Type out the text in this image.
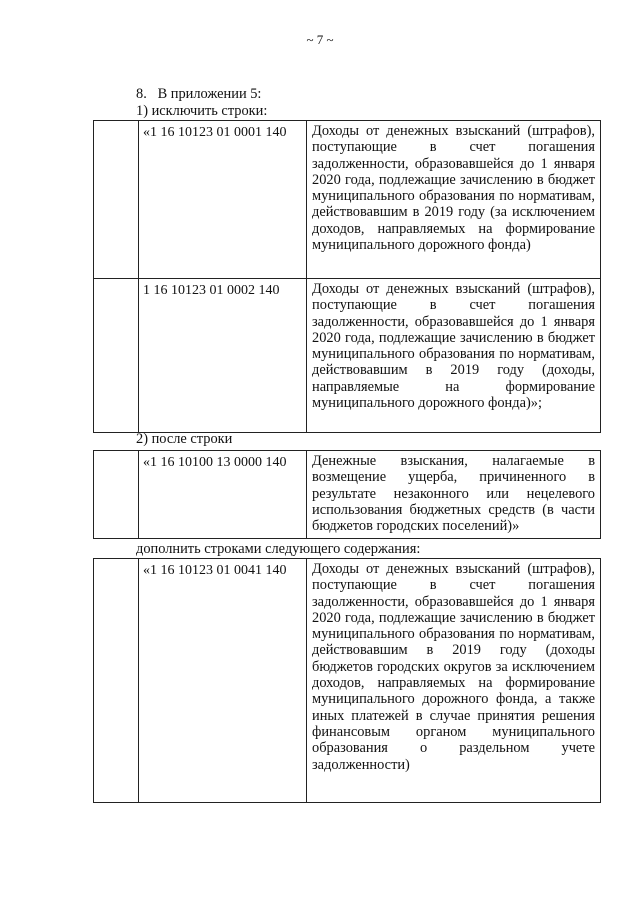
~ 7 ~
8.   В приложении 5:
1) исключить строки:
	«1 16 10123 01 0001 140	Доходы от денежных взысканий (штрафов), поступающие в счет погашения задолженности, образовавшейся до 1 января 2020 года, подлежащие зачислению в бюджет муниципального образования по нормативам, действовавшим в 2019 году (за исключением доходов, направляемых на формирование муниципального дорожного фонда)
	1 16 10123 01 0002 140	Доходы от денежных взысканий (штрафов), поступающие в счет погашения задолженности, образовавшейся до 1 января 2020 года, подлежащие зачислению в бюджет муниципального образования по нормативам, действовавшим в 2019 году (доходы, направляемые на формирование муниципального дорожного фонда)»;
2) после строки
	«1 16 10100 13 0000 140	Денежные взыскания, налагаемые в возмещение ущерба, причиненного в результате незаконного или нецелевого использования бюджетных средств (в части бюджетов городских поселений)»
дополнить строками следующего содержания:
	«1 16 10123 01 0041 140	Доходы от денежных взысканий (штрафов), поступающие в счет погашения задолженности, образовавшейся до 1 января 2020 года, подлежащие зачислению в бюджет муниципального образования по нормативам, действовавшим в 2019 году (доходы бюджетов городских округов за исключением доходов, направляемых на формирование муниципального дорожного фонда, а также иных платежей в случае принятия решения финансовым органом муниципального образования о раздельном учете задолженности)
